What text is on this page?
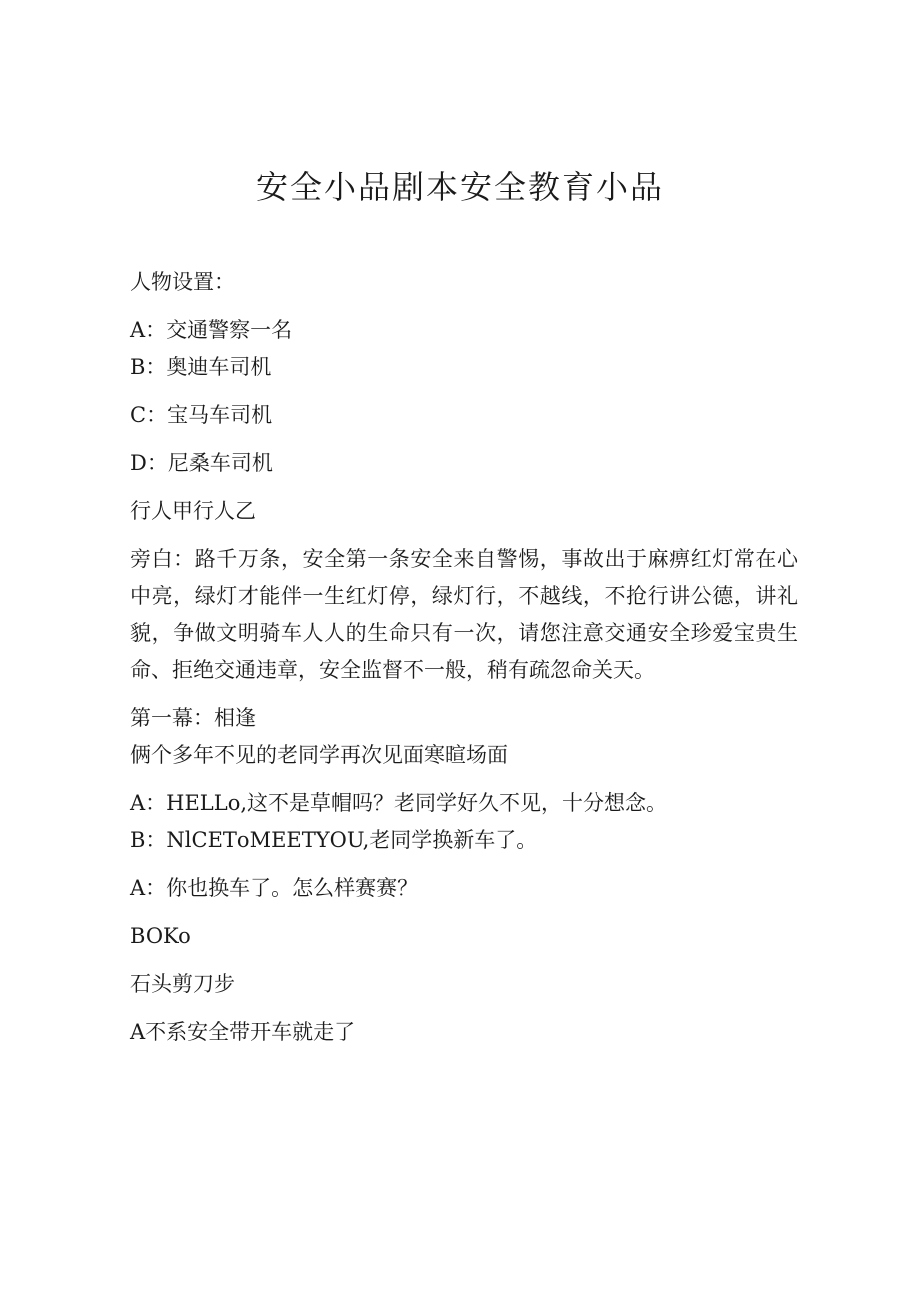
安全小品剧本安全教育小品

人物设置：

A：交通警察一名

B：奥迪车司机

C：宝马车司机

D：尼桑车司机

行人甲行人乙

旁白：路千万条，安全第一条安全来自警惕，事故出于麻痹红灯常在心中亮，绿灯才能伴一生红灯停，绿灯行，不越线，不抢行讲公德，讲礼貌，争做文明骑车人人的生命只有一次，请您注意交通安全珍爱宝贵生命、拒绝交通违章，安全监督不一般，稍有疏忽命关天。

第一幕：相逢

俩个多年不见的老同学再次见面寒暄场面

A：HELLo,这不是草帽吗？老同学好久不见，十分想念。

B：NlCETοMEETYOU,老同学换新车了。

A：你也换车了。怎么样赛赛？

BOKo

石头剪刀步

A不系安全带开车就走了
